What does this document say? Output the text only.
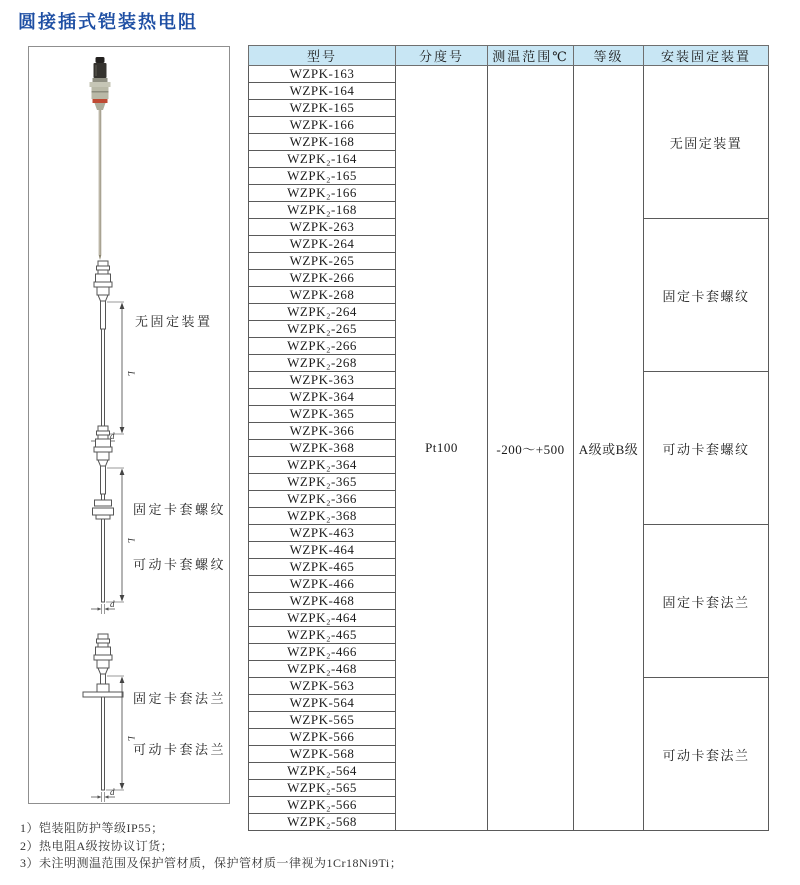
圆接插式铠装热电阻
L
d
无固定装置
L
d
固定卡套螺纹
可动卡套螺纹
L
d
固定卡套法兰
可动卡套法兰
型号	分度号	测温范围℃	等级	安装固定装置
WZPK-163	Pt100	-200～+500	A级或B级	无固定装置
WZPK-164				
WZPK-165				
WZPK-166				
WZPK-168				
WZPK₂-164				
WZPK₂-165				
WZPK₂-166				
WZPK₂-168				
WZPK-263				固定卡套螺纹
WZPK-264				
WZPK-265				
WZPK-266				
WZPK-268				
WZPK₂-264				
WZPK₂-265				
WZPK₂-266				
WZPK₂-268				
WZPK-363				可动卡套螺纹
WZPK-364				
WZPK-365				
WZPK-366				
WZPK-368				
WZPK₂-364				
WZPK₂-365				
WZPK₂-366				
WZPK₂-368				
WZPK-463				固定卡套法兰
WZPK-464				
WZPK-465				
WZPK-466				
WZPK-468				
WZPK₂-464				
WZPK₂-465				
WZPK₂-466				
WZPK₂-468				
WZPK-563				可动卡套法兰
WZPK-564				
WZPK-565				
WZPK-566				
WZPK-568				
WZPK₂-564				
WZPK₂-565				
WZPK₂-566				
WZPK₂-568				
1）铠装阻防护等级IP55；
2）热电阻A级按协议订货；
3）未注明测温范围及保护管材质，保护管材质一律视为1Cr18Ni9Ti；
